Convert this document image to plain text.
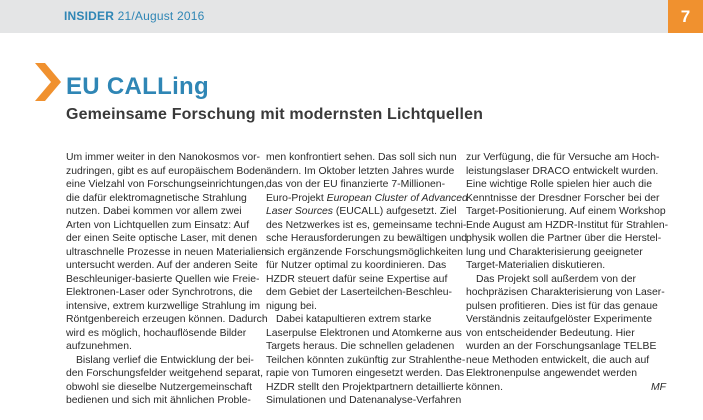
INSIDER 21/August 2016	7
EU CALLing
Gemeinsame Forschung mit modernsten Lichtquellen
Um immer weiter in den Nanokosmos vor-
zudringen, gibt es auf europäischem Boden
eine Vielzahl von Forschungseinrichtungen,
die dafür elektromagnetische Strahlung
nutzen. Dabei kommen vor allem zwei
Arten von Lichtquellen zum Einsatz: Auf
der einen Seite optische Laser, mit denen
ultraschnelle Prozesse in neuen Materialien
untersucht werden. Auf der anderen Seite
Beschleuniger-basierte Quellen wie Freie-
Elektronen-Laser oder Synchrotrons, die
intensive, extrem kurzwellige Strahlung im
Röntgenbereich erzeugen können. Dadurch
wird es möglich, hochauflösende Bilder
aufzunehmen.
Bislang verlief die Entwicklung der bei-
den Forschungsfelder weitgehend separat,
obwohl sie dieselbe Nutzergemeinschaft
bedienen und sich mit ähnlichen Proble-
men konfrontiert sehen. Das soll sich nun
ändern. Im Oktober letzten Jahres wurde
das von der EU finanzierte 7-Millionen-
Euro-Projekt European Cluster of Advanced
Laser Sources (EUCALL) aufgesetzt. Ziel
des Netzwerkes ist es, gemeinsame techni-
sche Herausforderungen zu bewältigen und
sich ergänzende Forschungsmöglichkeiten
für Nutzer optimal zu koordinieren. Das
HZDR steuert dafür seine Expertise auf
dem Gebiet der Laserteilchen-Beschleu-
nigung bei.
Dabei katapultieren extrem starke
Laserpulse Elektronen und Atomkerne aus
Targets heraus. Die schnellen geladenen
Teilchen könnten zukünftig zur Strahlenthe-
rapie von Tumoren eingesetzt werden. Das
HZDR stellt den Projektpartnern detaillierte
Simulationen und Datenanalyse-Verfahren
zur Verfügung, die für Versuche am Hoch-
leistungslaser DRACO entwickelt wurden.
Eine wichtige Rolle spielen hier auch die
Kenntnisse der Dresdner Forscher bei der
Target-Positionierung. Auf einem Workshop
Ende August am HZDR-Institut für Strahlen-
physik wollen die Partner über die Herstel-
lung und Charakterisierung geeigneter
Target-Materialien diskutieren.
Das Projekt soll außerdem von der
hochpräzisen Charakterisierung von Laser-
pulsen profitieren. Dies ist für das genaue
Verständnis zeitaufgelöster Experimente
von entscheidender Bedeutung. Hier
wurden an der Forschungsanlage TELBE
neue Methoden entwickelt, die auch auf
Elektronenpulse angewendet werden
können.	MF
